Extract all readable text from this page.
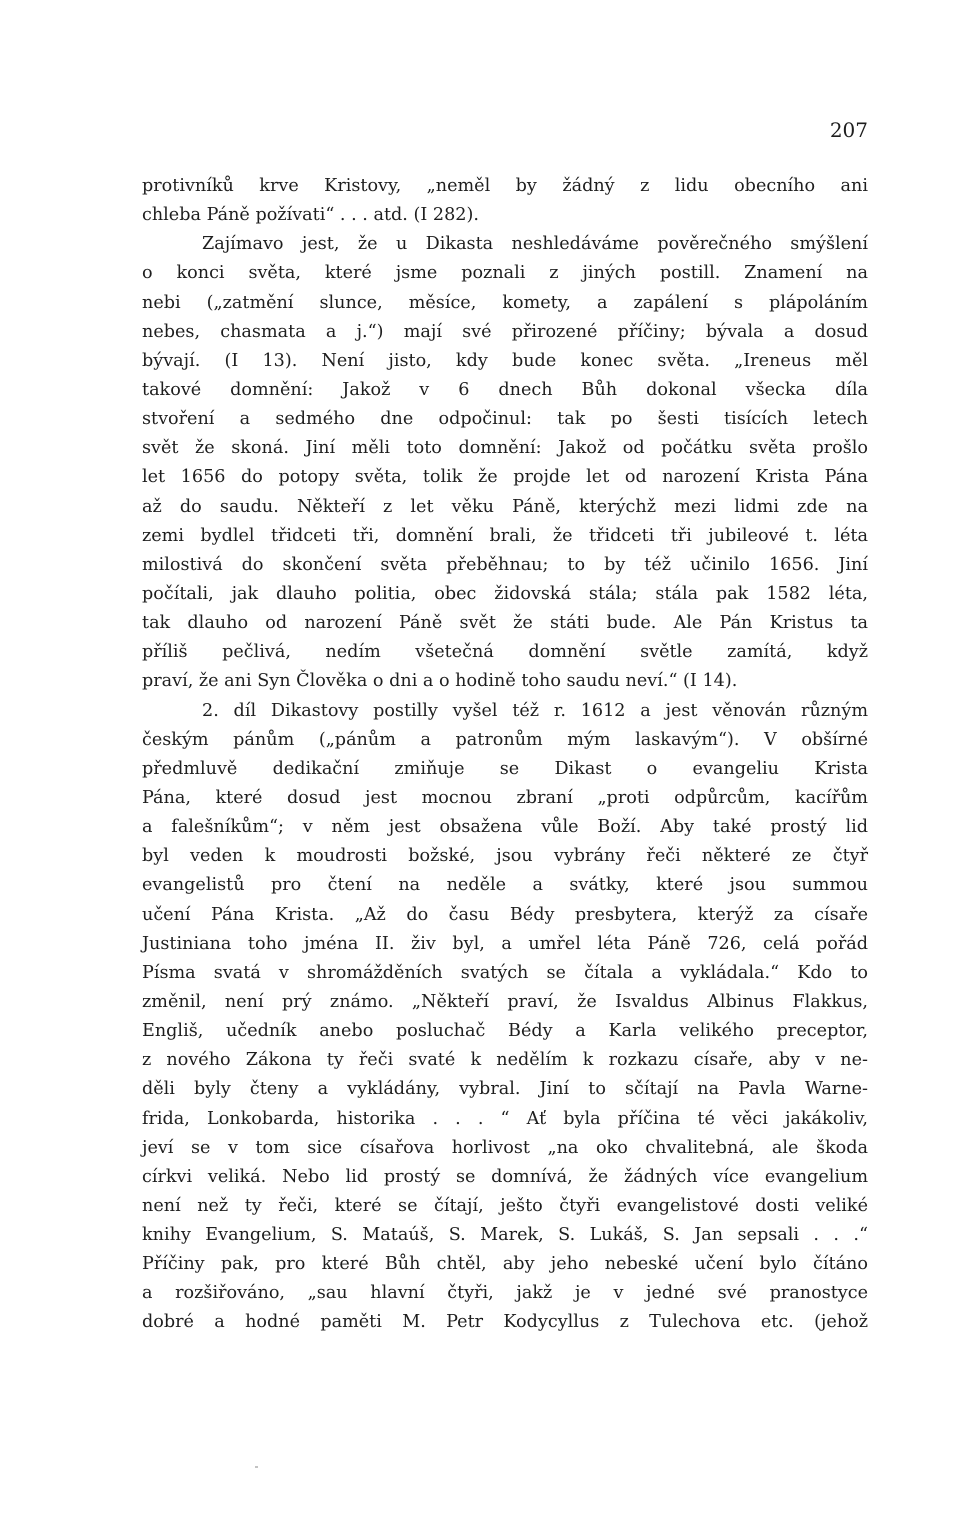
207
protivníků krve Kristovy, „neměl by žádný z lidu obecního ani
chleba Páně požívati“ . . . atd. (I 282).
Zajímavo jest, že u Dikasta neshledáváme pověrečného smýšlení
o konci světa, které jsme poznali z jiných postill. Znamení na
nebi („zatmění slunce, měsíce, komety, a zapálení s plápoláním
nebes, chasmata a j.“) mají své přirozené příčiny; bývala a dosud
bývají. (I 13). Není jisto, kdy bude konec světa. „Ireneus měl
takové domnění: Jakož v 6 dnech Bůh dokonal všecka díla
stvoření a sedmého dne odpočinul: tak po šesti tisících letech
svět že skoná. Jiní měli toto domnění: Jakož od počátku světa prošlo
let 1656 do potopy světa, tolik že projde let od narození Krista Pána
až do saudu. Někteří z let věku Páně, kterýchž mezi lidmi zde na
zemi bydlel třidceti tři, domnění brali, že třidceti tři jubileové t. léta
milostivá do skončení světa přeběhnau; to by též učinilo 1656. Jiní
počítali, jak dlauho politia, obec židovská stála; stála pak 1582 léta,
tak dlauho od narození Páně svět že státi bude. Ale Pán Kristus ta
příliš pečlivá, nedím všetečná domnění světle zamítá, když
praví, že ani Syn Člověka o dni a o hodině toho saudu neví.“ (I 14).
2. díl Dikastovy postilly vyšel též r. 1612 a jest věnován různým
českým pánům („pánům a patronům mým laskavým“). V obšírné
předmluvě dedikační zmiňuje se Dikast o evangeliu Krista
Pána, které dosud jest mocnou zbraní „proti odpůrcům, kacířům
a falešníkům“; v něm jest obsažena vůle Boží. Aby také prostý lid
byl veden k moudrosti božské, jsou vybrány řeči některé ze čtyř
evangelistů pro čtení na neděle a svátky, které jsou summou
učení Pána Krista. „Až do času Bédy presbytera, kterýž za císaře
Justiniana toho jména II. živ byl, a umřel léta Páně 726, celá pořád
Písma svatá v shromážděních svatých se čítala a vykládala.“ Kdo to
změnil, není prý známo. „Někteří praví, že Isvaldus Albinus Flakkus,
Engliš, učedník anebo posluchač Bédy a Karla velikého preceptor,
z nového Zákona ty řeči svaté k nedělím k rozkazu císaře, aby v ne-
děli byly čteny a vykládány, vybral. Jiní to sčítají na Pavla Warne-
frida, Lonkobarda, historika . . . “ Ať byla příčina té věci jakákoliv,
jeví se v tom sice císařova horlivost „na oko chvalitebná, ale škoda
církvi veliká. Nebo lid prostý se domnívá, že žádných více evangelium
není než ty řeči, které se čítají, ješto čtyři evangelistové dosti veliké
knihy Evangelium, S. Mataúš, S. Marek, S. Lukáš, S. Jan sepsali . . .“
Příčiny pak, pro které Bůh chtěl, aby jeho nebeské učení bylo čítáno
a rozšiřováno, „sau hlavní čtyři, jakž je v jedné své pranostyce
dobré a hodné paměti M. Petr Kodycyllus z Tulechova etc. (jehož
